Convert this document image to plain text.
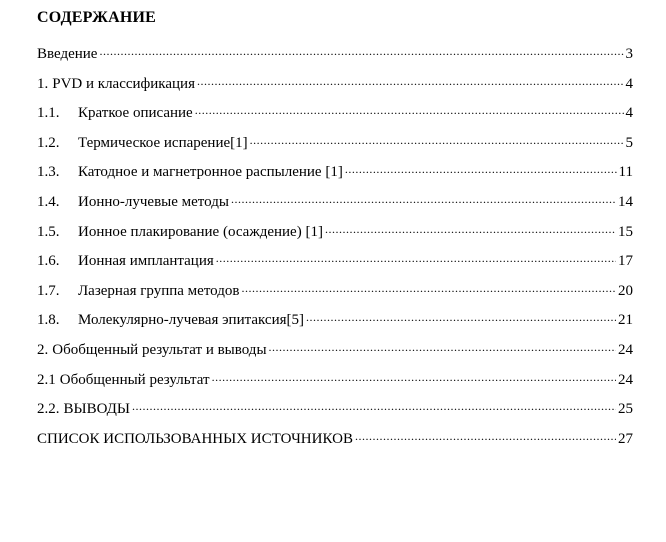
СОДЕРЖАНИЕ
Введение .....	3
1. PVD и классификация .....	4
1.1.	Краткое описание .....	4
1.2.	Термическое испарение[1] .....	5
1.3.	Катодное и магнетронное распыление [1] .....	11
1.4.	Ионно-лучевые методы .....	14
1.5.	Ионное плакирование (осаждение) [1] .....	15
1.6.	Ионная имплантация .....	17
1.7.	Лазерная группа методов .....	20
1.8.	Молекулярно-лучевая эпитаксия[5] .....	21
2. Обобщенный результат и выводы .....	24
2.1 Обобщенный результат .....	24
2.2. ВЫВОДЫ .....	25
СПИСОК ИСПОЛЬЗОВАННЫХ ИСТОЧНИКОВ .....	27
